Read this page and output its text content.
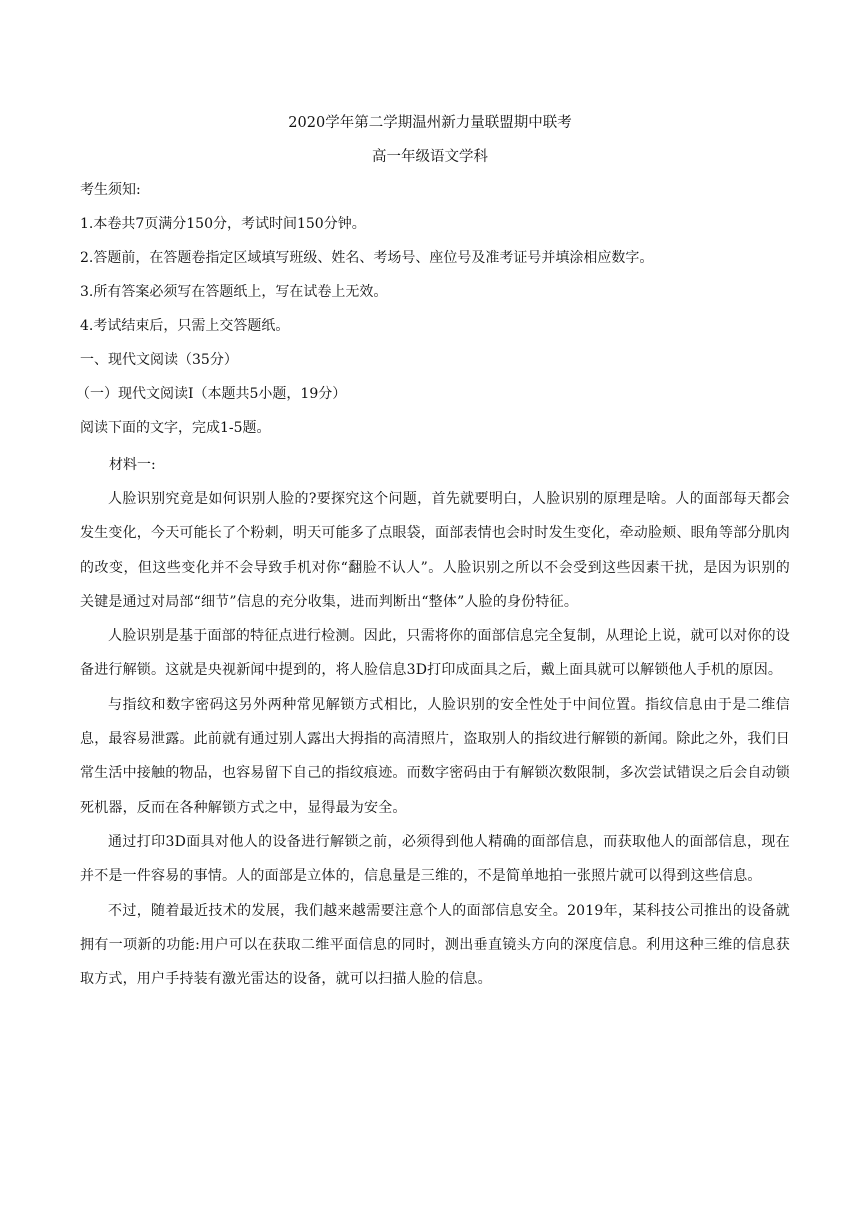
2020学年第二学期温州新力量联盟期中联考
高一年级语文学科
考生须知:
1.本卷共7页满分150分，考试时间150分钟。
2.答题前，在答题卷指定区域填写班级、姓名、考场号、座位号及准考证号并填涂相应数字。
3.所有答案必须写在答题纸上，写在试卷上无效。
4.考试结束后，只需上交答题纸。
一、现代文阅读（35分）
（一）现代文阅读Ⅰ（本题共5小题，19分）
阅读下面的文字，完成1-5题。
材料一:

人脸识别究竟是如何识别人脸的?要探究这个问题，首先就要明白，人脸识别的原理是啥。人的面部每天都会发生变化，今天可能长了个粉刺，明天可能多了点眼袋，面部表情也会时时发生变化，牵动脸颊、眼角等部分肌肉的改变，但这些变化并不会导致手机对你“翻脸不认人”。人脸识别之所以不会受到这些因素干扰，是因为识别的关键是通过对局部“细节”信息的充分收集，进而判断出“整体”人脸的身份特征。

人脸识别是基于面部的特征点进行检测。因此，只需将你的面部信息完全复制，从理论上说，就可以对你的设备进行解锁。这就是央视新闻中提到的，将人脸信息3D打印成面具之后，戴上面具就可以解锁他人手机的原因。

与指纹和数字密码这另外两种常见解锁方式相比，人脸识别的安全性处于中间位置。指纹信息由于是二维信息，最容易泄露。此前就有通过别人露出大拇指的高清照片，盗取别人的指纹进行解锁的新闻。除此之外，我们日常生活中接触的物品，也容易留下自己的指纹痕迹。而数字密码由于有解锁次数限制，多次尝试错误之后会自动锁死机器，反而在各种解锁方式之中，显得最为安全。

通过打印3D面具对他人的设备进行解锁之前，必须得到他人精确的面部信息，而获取他人的面部信息，现在并不是一件容易的事情。人的面部是立体的，信息量是三维的，不是简单地拍一张照片就可以得到这些信息。

不过，随着最近技术的发展，我们越来越需要注意个人的面部信息安全。2019年，某科技公司推出的设备就拥有一项新的功能:用户可以在获取二维平面信息的同时，测出垂直镜头方向的深度信息。利用这种三维的信息获取方式，用户手持装有激光雷达的设备，就可以扫描人脸的信息。
